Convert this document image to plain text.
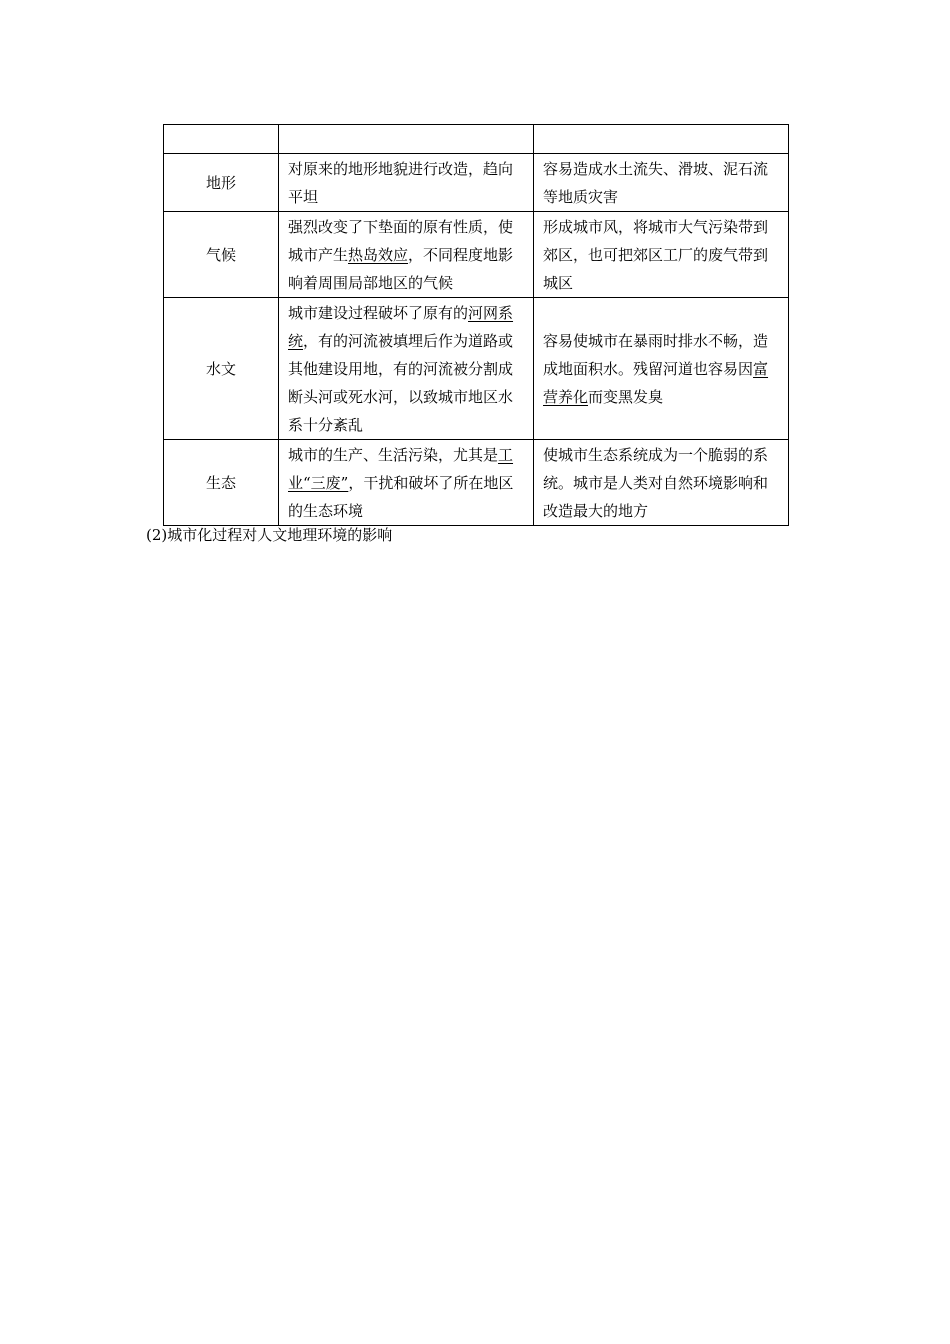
地形	对原来的地形地貌进行改造，趋向平坦	容易造成水土流失、滑坡、泥石流等地质灾害
气候	强烈改变了下垫面的原有性质，使城市产生热岛效应，不同程度地影响着周围局部地区的气候	形成城市风，将城市大气污染带到郊区，也可把郊区工厂的废气带到城区
水文	城市建设过程破坏了原有的河网系统，有的河流被填埋后作为道路或其他建设用地，有的河流被分割成断头河或死水河，以致城市地区水系十分紊乱	容易使城市在暴雨时排水不畅，造成地面积水。残留河道也容易因富营养化而变黑发臭
生态	城市的生产、生活污染，尤其是工业“三废”，干扰和破坏了所在地区的生态环境	使城市生态系统成为一个脆弱的系统。城市是人类对自然环境影响和改造最大的地方
(2)城市化过程对人文地理环境的影响
